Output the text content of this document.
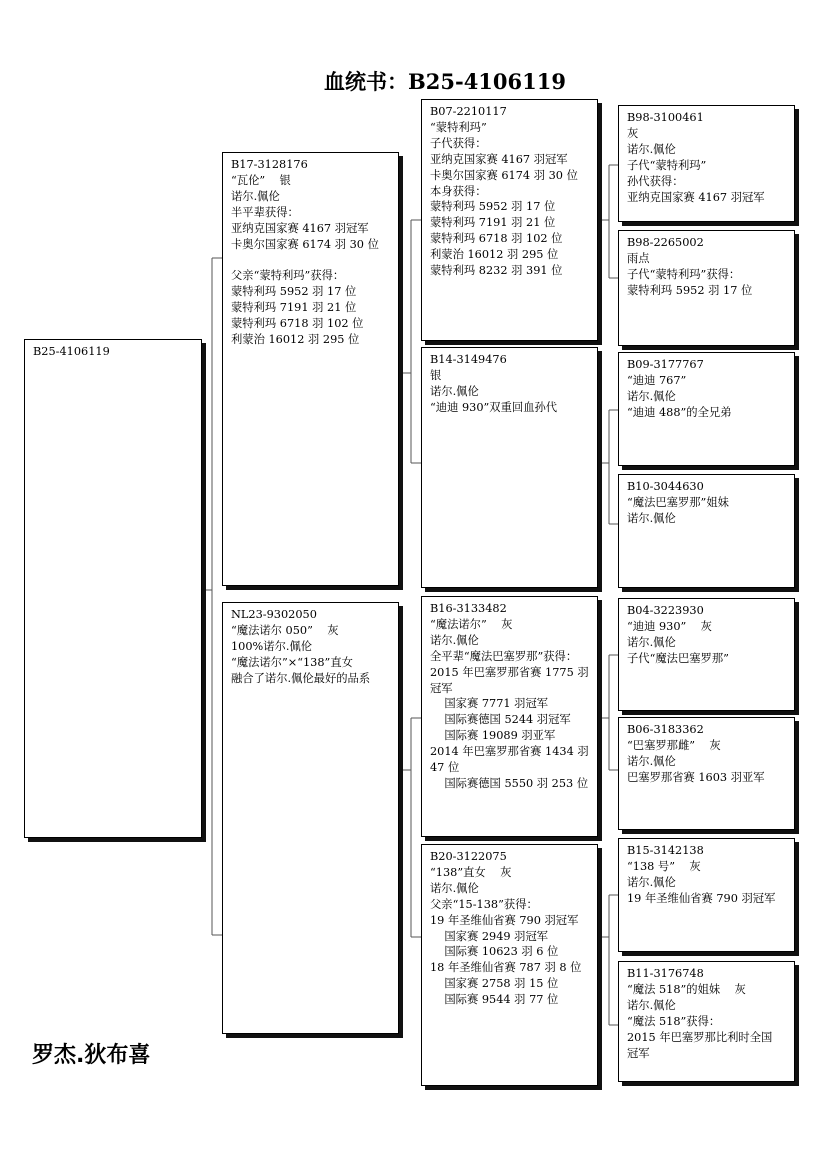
血统书：B25-4106119
B25-4106119
B17-3128176
“瓦伦”    银
诺尔.佩伦
半平辈获得：
亚纳克国家赛 4167 羽冠军
卡奥尔国家赛 6174 羽 30 位

父亲“蒙特利玛”获得：
蒙特利玛 5952 羽 17 位
蒙特利玛 7191 羽 21 位
蒙特利玛 6718 羽 102 位
利蒙治 16012 羽 295 位
NL23-9302050
“魔法诺尔 050”    灰
100%诺尔.佩伦
“魔法诺尔”×“138”直女
融合了诺尔.佩伦最好的品系
B07-2210117
“蒙特利玛”
子代获得：
亚纳克国家赛 4167 羽冠军
卡奥尔国家赛 6174 羽 30 位
本身获得：
蒙特利玛 5952 羽 17 位
蒙特利玛 7191 羽 21 位
蒙特利玛 6718 羽 102 位
利蒙治 16012 羽 295 位
蒙特利玛 8232 羽 391 位
B14-3149476
银
诺尔.佩伦
“迪迪 930”双重回血孙代
B16-3133482
“魔法诺尔”    灰
诺尔.佩伦
全平辈“魔法巴塞罗那”获得：
2015 年巴塞罗那省赛 1775 羽
冠军
国家赛 7771 羽冠军
国际赛德国 5244 羽冠军
国际赛 19089 羽亚军
2014 年巴塞罗那省赛 1434 羽
47 位
国际赛德国 5550 羽 253 位
B20-3122075
“138”直女    灰
诺尔.佩伦
父亲“15-138”获得：
19 年圣维仙省赛 790 羽冠军
国家赛 2949 羽冠军
国际赛 10623 羽 6 位
18 年圣维仙省赛 787 羽 8 位
国家赛 2758 羽 15 位
国际赛 9544 羽 77 位
B98-3100461
灰
诺尔.佩伦
子代“蒙特利玛”
孙代获得：
亚纳克国家赛 4167 羽冠军
B98-2265002
雨点
子代“蒙特利玛”获得：
蒙特利玛 5952 羽 17 位
B09-3177767
“迪迪 767”
诺尔.佩伦
“迪迪 488”的全兄弟
B10-3044630
“魔法巴塞罗那”姐妹
诺尔.佩伦
B04-3223930
“迪迪 930”    灰
诺尔.佩伦
子代“魔法巴塞罗那”
B06-3183362
“巴塞罗那雌”    灰
诺尔.佩伦
巴塞罗那省赛 1603 羽亚军
B15-3142138
“138 号”    灰
诺尔.佩伦
19 年圣维仙省赛 790 羽冠军
B11-3176748
“魔法 518”的姐妹    灰
诺尔.佩伦
“魔法 518”获得：
2015 年巴塞罗那比利时全国
冠军
罗杰.狄布喜
